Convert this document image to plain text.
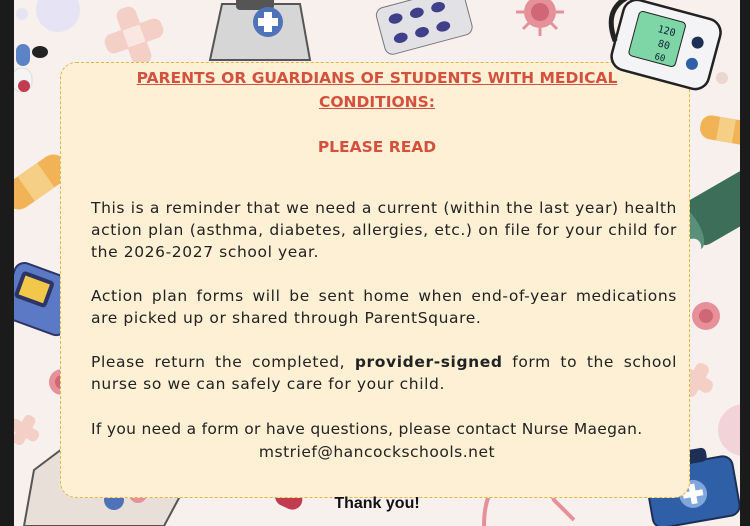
120
80
60
PARENTS OR GUARDIANS OF STUDENTS WITH MEDICAL
CONDITIONS:
PLEASE READ
This is a reminder that we need a current (within the last year) health action plan (asthma, diabetes, allergies, etc.) on file for your child for the 2026-2027 school year.
Action plan forms will be sent home when end-of-year medications are picked up or shared through ParentSquare.
Please return the completed, provider-signed form to the school nurse so we can safely care for your child.
If you need a form or have questions, please contact Nurse Maegan.
mstrief@hancockschools.net
Thank you!
